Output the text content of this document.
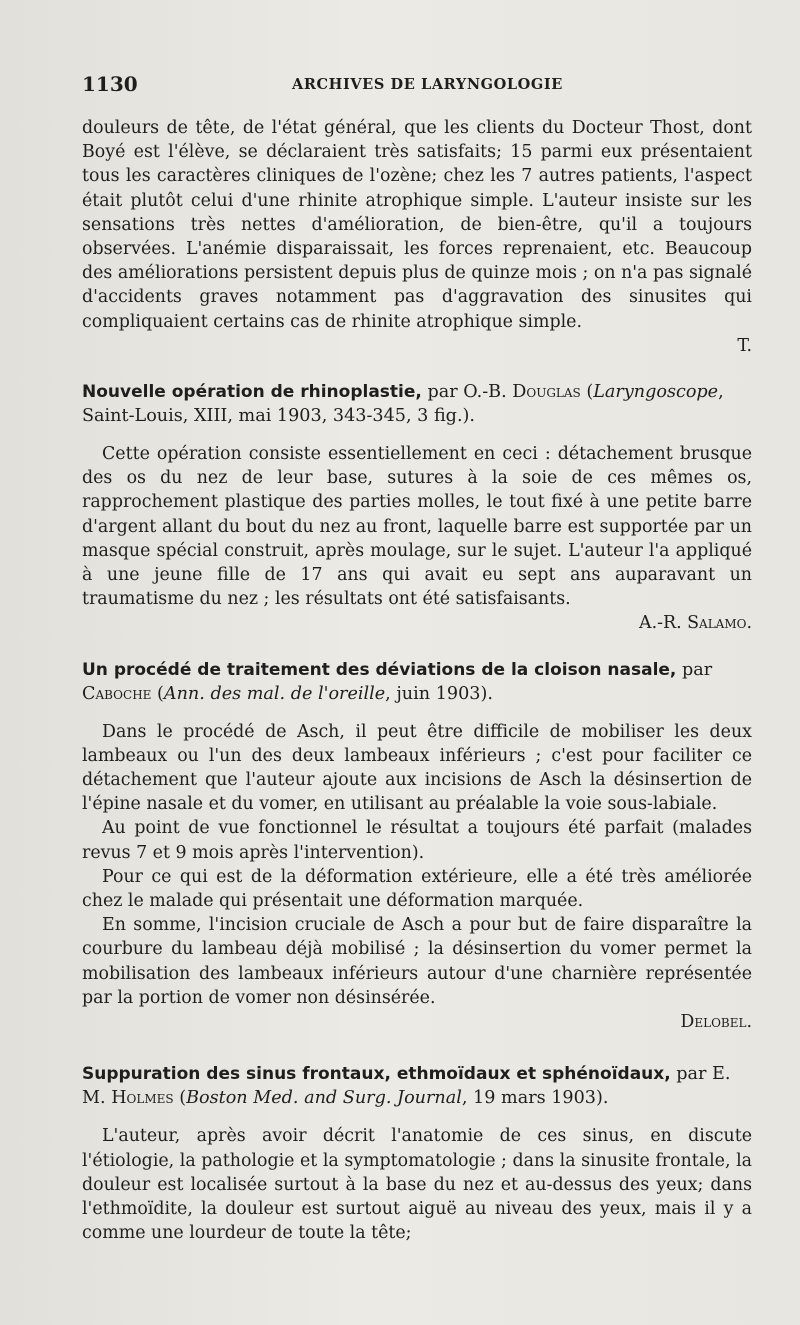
1130	ARCHIVES DE LARYNGOLOGIE

douleurs de tête, de l'état général, que les clients du Docteur Thost, dont Boyé est l'élève, se déclaraient très satisfaits; 15 parmi eux présentaient tous les caractères cliniques de l'ozène; chez les 7 autres patients, l'aspect était plutôt celui d'une rhinite atrophique simple. L'auteur insiste sur les sensations très nettes d'amélioration, de bien-être, qu'il a toujours observées. L'anémie disparaissait, les forces reprenaient, etc. Beaucoup des améliorations persistent depuis plus de quinze mois ; on n'a pas signalé d'accidents graves notamment pas d'aggravation des sinusites qui compliquaient certains cas de rhinite atrophique simple.

T.

Nouvelle opération de rhinoplastie, par O.-B. Douglas (Laryngoscope, Saint-Louis, XIII, mai 1903, 343-345, 3 fig.).

Cette opération consiste essentiellement en ceci : détachement brusque des os du nez de leur base, sutures à la soie de ces mêmes os, rapprochement plastique des parties molles, le tout fixé à une petite barre d'argent allant du bout du nez au front, laquelle barre est supportée par un masque spécial construit, après moulage, sur le sujet. L'auteur l'a appliqué à une jeune fille de 17 ans qui avait eu sept ans auparavant un traumatisme du nez ; les résultats ont été satisfaisants.

A.-R. Salamo.

Un procédé de traitement des déviations de la cloison nasale, par Caboche (Ann. des mal. de l'oreille, juin 1903).

Dans le procédé de Asch, il peut être difficile de mobiliser les deux lambeaux ou l'un des deux lambeaux inférieurs ; c'est pour faciliter ce détachement que l'auteur ajoute aux incisions de Asch la désinsertion de l'épine nasale et du vomer, en utilisant au préalable la voie sous-labiale.

Au point de vue fonctionnel le résultat a toujours été parfait (malades revus 7 et 9 mois après l'intervention).

Pour ce qui est de la déformation extérieure, elle a été très améliorée chez le malade qui présentait une déformation marquée.

En somme, l'incision cruciale de Asch a pour but de faire disparaître la courbure du lambeau déjà mobilisé ; la désinsertion du vomer permet la mobilisation des lambeaux inférieurs autour d'une charnière représentée par la portion de vomer non désinsérée.

Delobel.

Suppuration des sinus frontaux, ethmoïdaux et sphénoïdaux, par E. M. Holmes (Boston Med. and Surg. Journal, 19 mars 1903).

L'auteur, après avoir décrit l'anatomie de ces sinus, en discute l'étiologie, la pathologie et la symptomatologie ; dans la sinusite frontale, la douleur est localisée surtout à la base du nez et au-dessus des yeux; dans l'ethmoïdite, la douleur est surtout aiguë au niveau des yeux, mais il y a comme une lourdeur de toute la tête;
